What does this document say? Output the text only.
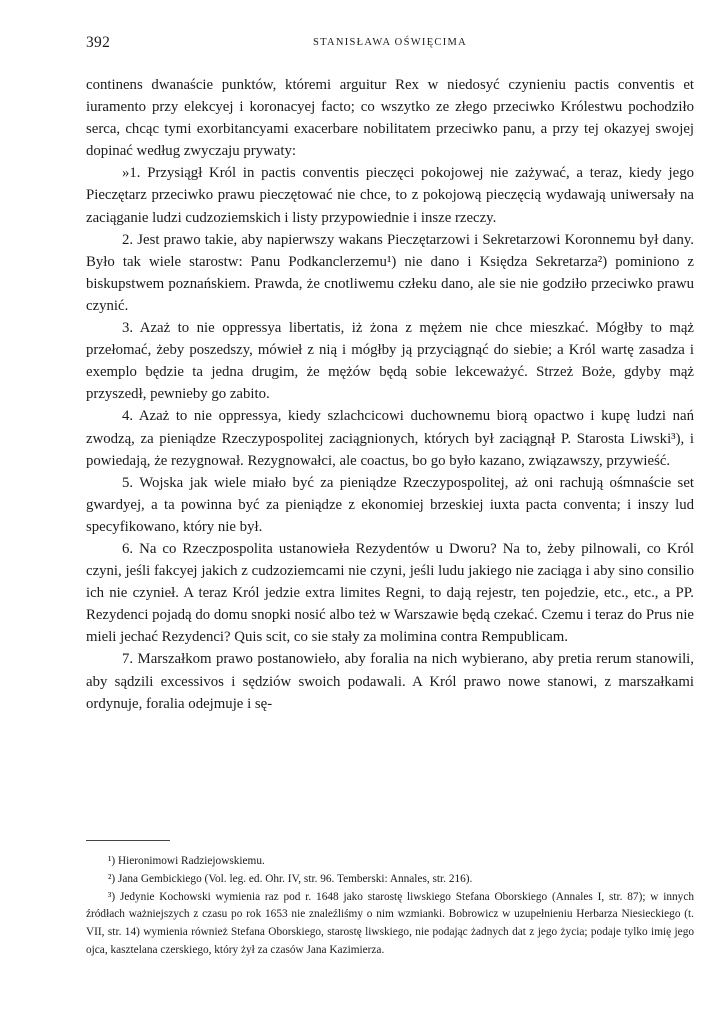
392	STANISŁAWA OŚWIĘCIMA

continens dwanaście punktów, któremi arguitur Rex w niedosyć czynieniu pactis conventis et iuramento przy elekcyej i koronacyej facto; co wszytko ze złego przeciwko Królestwu pochodziło serca, chcąc tymi exorbitancyami exacerbare nobilitatem przeciwko panu, a przy tej okazyej swojej dopinać według zwyczaju prywaty:

»1. Przysiągł Król in pactis conventis pieczęci pokojowej nie zażywać, a teraz, kiedy jego Pieczętarz przeciwko prawu pieczętować nie chce, to z pokojową pieczęcią wydawają uniwersały na zaciąganie ludzi cudzoziemskich i listy przypowiednie i insze rzeczy.

2. Jest prawo takie, aby napierwszy wakans Pieczętarzowi i Sekretarzowi Koronnemu był dany. Było tak wiele starostw: Panu Podkanclerzemu¹) nie dano i Księdza Sekretarza²) pominiono z biskupstwem poznańskiem. Prawda, że cnotliwemu człeku dano, ale sie nie godziło przeciwko prawu czynić.

3. Azaż to nie oppressya libertatis, iż żona z mężem nie chce mieszkać. Mógłby to mąż przełomać, żeby poszedszy, mówieł z nią i mógłby ją przyciągnąć do siebie; a Król wartę zasadza i exemplo będzie ta jedna drugim, że mężów będą sobie lekceważyć. Strzeż Boże, gdyby mąż przyszedł, pewnieby go zabito.

4. Azaż to nie oppressya, kiedy szlachcicowi duchownemu biorą opactwo i kupę ludzi nań zwodzą, za pieniądze Rzeczypospolitej zaciągnionych, których był zaciągnął P. Starosta Liwski³), i powiedają, że rezygnował. Rezygnowałci, ale coactus, bo go było kazano, związawszy, przywieść.

5. Wojska jak wiele miało być za pieniądze Rzeczypospolitej, aż oni rachują ośmnaście set gwardyej, a ta powinna być za pieniądze z ekonomiej brzeskiej iuxta pacta conventa; i inszy lud specyfikowano, który nie był.

6. Na co Rzeczpospolita ustanowieła Rezydentów u Dworu? Na to, żeby pilnowali, co Król czyni, jeśli fakcyej jakich z cudzoziemcami nie czyni, jeśli ludu jakiego nie zaciąga i aby sino consilio ich nie czynieł. A teraz Król jedzie extra limites Regni, to dają rejestr, ten pojedzie, etc., etc., a PP. Rezydenci pojadą do domu snopki nosić albo też w Warszawie będą czekać. Czemu i teraz do Prus nie mieli jechać Rezydenci? Quis scit, co sie stały za molimina contra Rempublicam.

7. Marszałkom prawo postanowieło, aby foralia na nich wybierano, aby pretia rerum stanowili, aby sądzili excessivos i sędziów swoich podawali. A Król prawo nowe stanowi, z marszałkami ordynuje, foralia odejmuje i sę-

¹) Hieronimowi Radziejowskiemu.

²) Jana Gembickiego (Vol. leg. ed. Ohr. IV, str. 96. Temberski: Annales, str. 216).

³) Jedynie Kochowski wymienia raz pod r. 1648 jako starostę liwskiego Stefana Oborskiego (Annales I, str. 87); w innych źródłach ważniejszych z czasu po rok 1653 nie znaleźliśmy o nim wzmianki. Bobrowicz w uzupełnieniu Herbarza Niesieckiego (t. VII, str. 14) wymienia również Stefana Oborskiego, starostę liwskiego, nie podając żadnych dat z jego życia; podaje tylko imię jego ojca, kasztelana czerskiego, który żył za czasów Jana Kazimierza.
